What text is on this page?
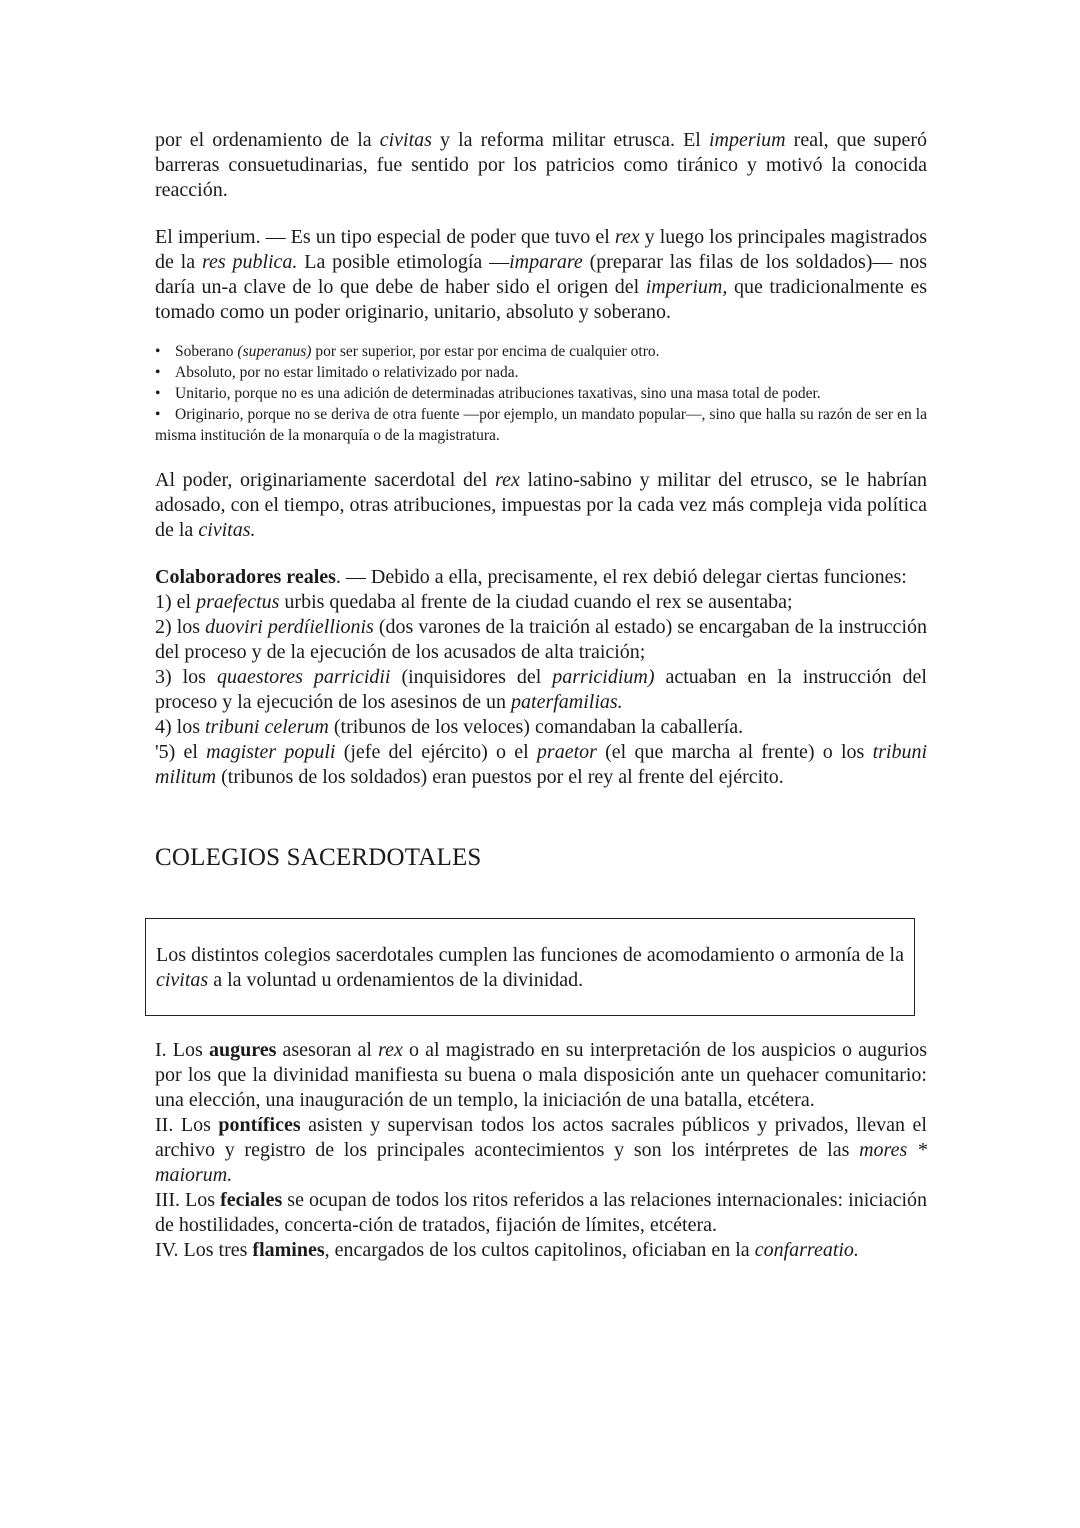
por el ordenamiento de la civitas y la reforma militar etrusca. El imperium real, que superó barreras consuetudinarias, fue sentido por los patricios como tiránico y motivó la conocida reacción.

El imperium. — Es un tipo especial de poder que tuvo el rex y luego los principales magistrados de la res publica. La posible etimología —imparare (preparar las filas de los soldados)— nos daría un-a clave de lo que debe de haber sido el origen del imperium, que tradicionalmente es tomado como un poder originario, unitario, absoluto y soberano.

• Soberano (superanus) por ser superior, por estar por encima de cualquier otro.

• Absoluto, por no estar limitado o relativizado por nada.

• Unitario, porque no es una adición de determinadas atribuciones taxativas, sino una masa total de poder.

• Originario, porque no se deriva de otra fuente —por ejemplo, un mandato popular—, sino que halla su razón de ser en la misma institución de la monarquía o de la magistratura.

Al poder, originariamente sacerdotal del rex latino-sabino y militar del etrusco, se le habrían adosado, con el tiempo, otras atribuciones, impuestas por la cada vez más compleja vida política de la civitas.

Colaboradores reales. — Debido a ella, precisamente, el rex debió delegar ciertas funciones:

1) el praefectus urbis quedaba al frente de la ciudad cuando el rex se ausentaba;

2) los duoviri perdíiellionis (dos varones de la traición al estado) se encargaban de la instrucción del proceso y de la ejecución de los acusados de alta traición;

3) los quaestores parricidii (inquisidores del parricidium) actuaban en la instrucción del proceso y la ejecución de los asesinos de un paterfamilias.

4) los tribuni celerum (tribunos de los veloces) comandaban la caballería.

'5) el magister populi (jefe del ejército) o el praetor (el que marcha al frente) o los tribuni militum (tribunos de los soldados) eran puestos por el rey al frente del ejército.

COLEGIOS SACERDOTALES

Los distintos colegios sacerdotales cumplen las funciones de acomodamiento o armonía de la civitas a la voluntad u ordenamientos de la divinidad.

I. Los augures asesoran al rex o al magistrado en su interpretación de los auspicios o augurios por los que la divinidad manifiesta su buena o mala disposición ante un quehacer comunitario: una elección, una inauguración de un templo, la iniciación de una batalla, etcétera.

II. Los pontífices asisten y supervisan todos los actos sacrales públicos y privados, llevan el archivo y registro de los principales acontecimientos y son los intérpretes de las mores * maiorum.

III. Los feciales se ocupan de todos los ritos referidos a las relaciones internacionales: iniciación de hostilidades, concerta-ción de tratados, fijación de límites, etcétera.

IV. Los tres flamines, encargados de los cultos capitolinos, oficiaban en la confarreatio.
